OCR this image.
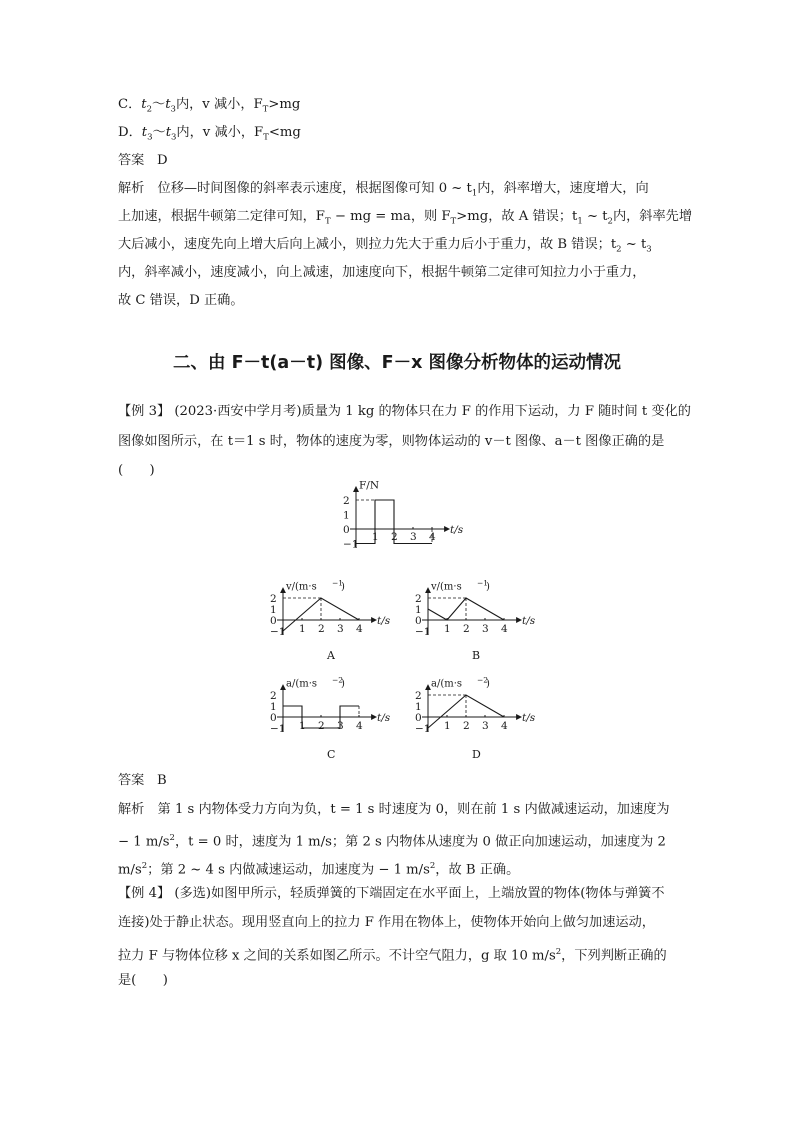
C．$t_2\sim t_3$内，v 减小，$F_T>mg$
D．$t_3\sim t_3$内，v 减小，$F_T<mg$
答案 D
解析　位移—时间图像的斜率表示速度，根据图像可知 0 ~ $t_1$内，斜率增大，速度增大，向
上加速，根据牛顿第二定律可知，$F_T$ − mg = ma，则 $F_T>mg$，故 A 错误；$t_1$ ~ $t_2$内，斜率先增
大后减小，速度先向上增大后向上减小，则拉力先大于重力后小于重力，故 B 错误；$t_2$ ~ $t_3$
内，斜率减小，速度减小，向上减速，加速度向下，根据牛顿第二定律可知拉力小于重力，
故 C 错误，D 正确。
二、由 F－t(a－t) 图像、F－x 图像分析物体的运动情况
【例 3】 (2023·西安中学月考)质量为 1 kg 的物体只在力 F 的作用下运动，力 F 随时间 t 变化的
图像如图所示，在 t＝1 s 时，物体的速度为零，则物体运动的 v－t 图像、a－t 图像正确的是
(　　)
2
1
0
−1
1 2 3 4
t/s
F/N
2
1
0
−1 1 2 3 4
t/s
v/(m·s −1
)
A
2
1
0
−1 1 2 3 4
t/s
v/(m·s −1
)
B
2
1
0
−1 1 2 3 4
t/s
a/(m·s −2
)
C
2
1
0
−1 1 2 3 4
t/s
a/(m·s −2
)
D
答案 B
解析　第 1 s 内物体受力方向为负，t = 1 s 时速度为 0，则在前 1 s 内做减速运动，加速度为
− 1 $m/s^2$，t = 0 时，速度为 1 m/s；第 2 s 内物体从速度为 0 做正向加速运动，加速度为 2
$m/s^2$；第 2 ~ 4 s 内做减速运动，加速度为 − 1 $m/s^2$，故 B 正确。
【例 4】 (多选)如图甲所示，轻质弹簧的下端固定在水平面上，上端放置的物体(物体与弹簧不
连接)处于静止状态。现用竖直向上的拉力 F 作用在物体上，使物体开始向上做匀加速运动，
拉力 F 与物体位移 x 之间的关系如图乙所示。不计空气阻力，g 取 10 $m/s^2$，下列判断正确的
是(　　)
